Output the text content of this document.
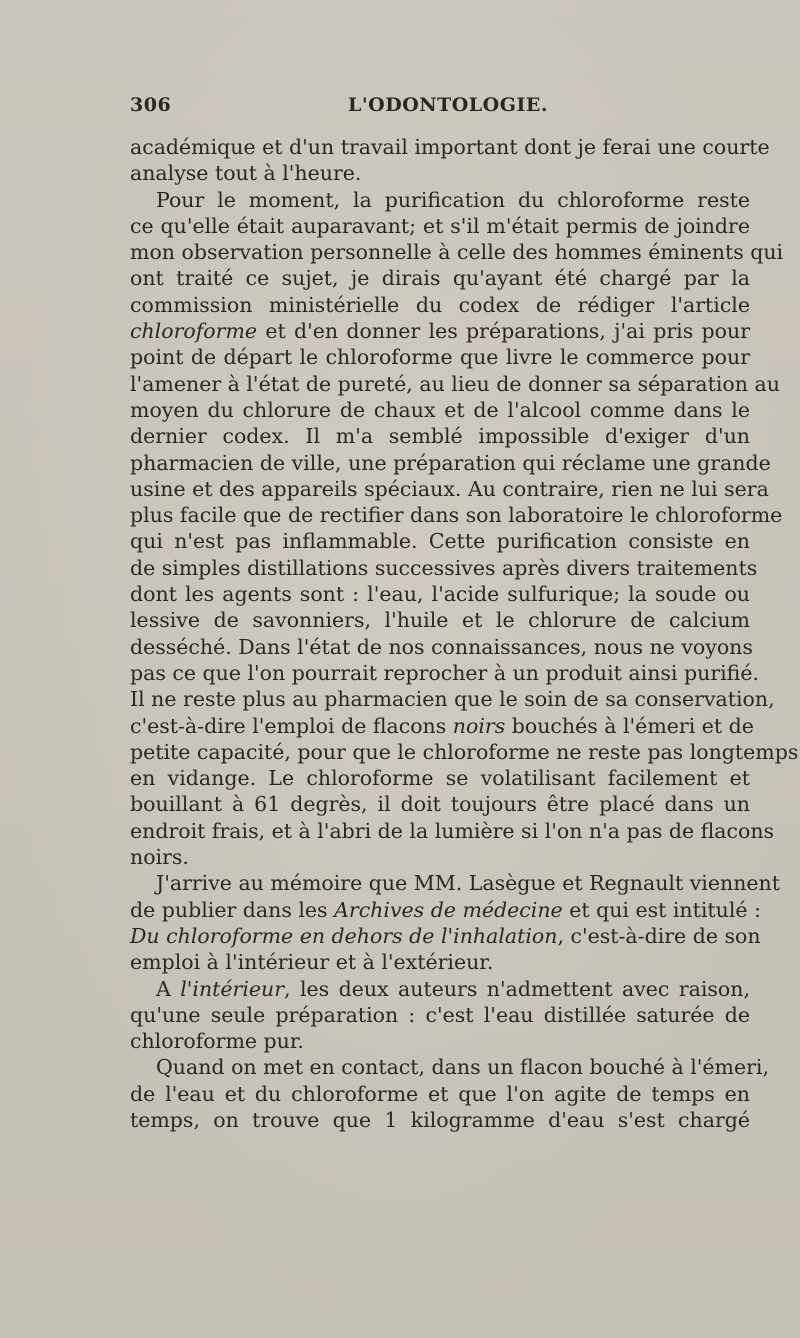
306	L'ODONTOLOGIE.
académique et d'un travail important dont je ferai une courte
analyse tout à l'heure.
Pour le moment, la purification du chloroforme reste
ce qu'elle était auparavant; et s'il m'était permis de joindre
mon observation personnelle à celle des hommes éminents qui
ont traité ce sujet, je dirais qu'ayant été chargé par la
commission ministérielle du codex de rédiger l'article
chloroforme et d'en donner les préparations, j'ai pris pour
point de départ le chloroforme que livre le commerce pour
l'amener à l'état de pureté, au lieu de donner sa séparation au
moyen du chlorure de chaux et de l'alcool comme dans le
dernier codex. Il m'a semblé impossible d'exiger d'un
pharmacien de ville, une préparation qui réclame une grande
usine et des appareils spéciaux. Au contraire, rien ne lui sera
plus facile que de rectifier dans son laboratoire le chloroforme
qui n'est pas inflammable. Cette purification consiste en
de simples distillations successives après divers traitements
dont les agents sont : l'eau, l'acide sulfurique; la soude ou
lessive de savonniers, l'huile et le chlorure de calcium
desséché. Dans l'état de nos connaissances, nous ne voyons
pas ce que l'on pourrait reprocher à un produit ainsi purifié.
Il ne reste plus au pharmacien que le soin de sa conservation,
c'est-à-dire l'emploi de flacons noirs bouchés à l'émeri et de
petite capacité, pour que le chloroforme ne reste pas longtemps
en vidange. Le chloroforme se volatilisant facilement et
bouillant à 61 degrès, il doit toujours être placé dans un
endroit frais, et à l'abri de la lumière si l'on n'a pas de flacons
noirs.
J'arrive au mémoire que MM. Lasègue et Regnault viennent
de publier dans les Archives de médecine et qui est intitulé :
Du chloroforme en dehors de l'inhalation, c'est-à-dire de son
emploi à l'intérieur et à l'extérieur.
A l'intérieur, les deux auteurs n'admettent avec raison,
qu'une seule préparation : c'est l'eau distillée saturée de
chloroforme pur.
Quand on met en contact, dans un flacon bouché à l'émeri,
de l'eau et du chloroforme et que l'on agite de temps en
temps, on trouve que 1 kilogramme d'eau s'est chargé
